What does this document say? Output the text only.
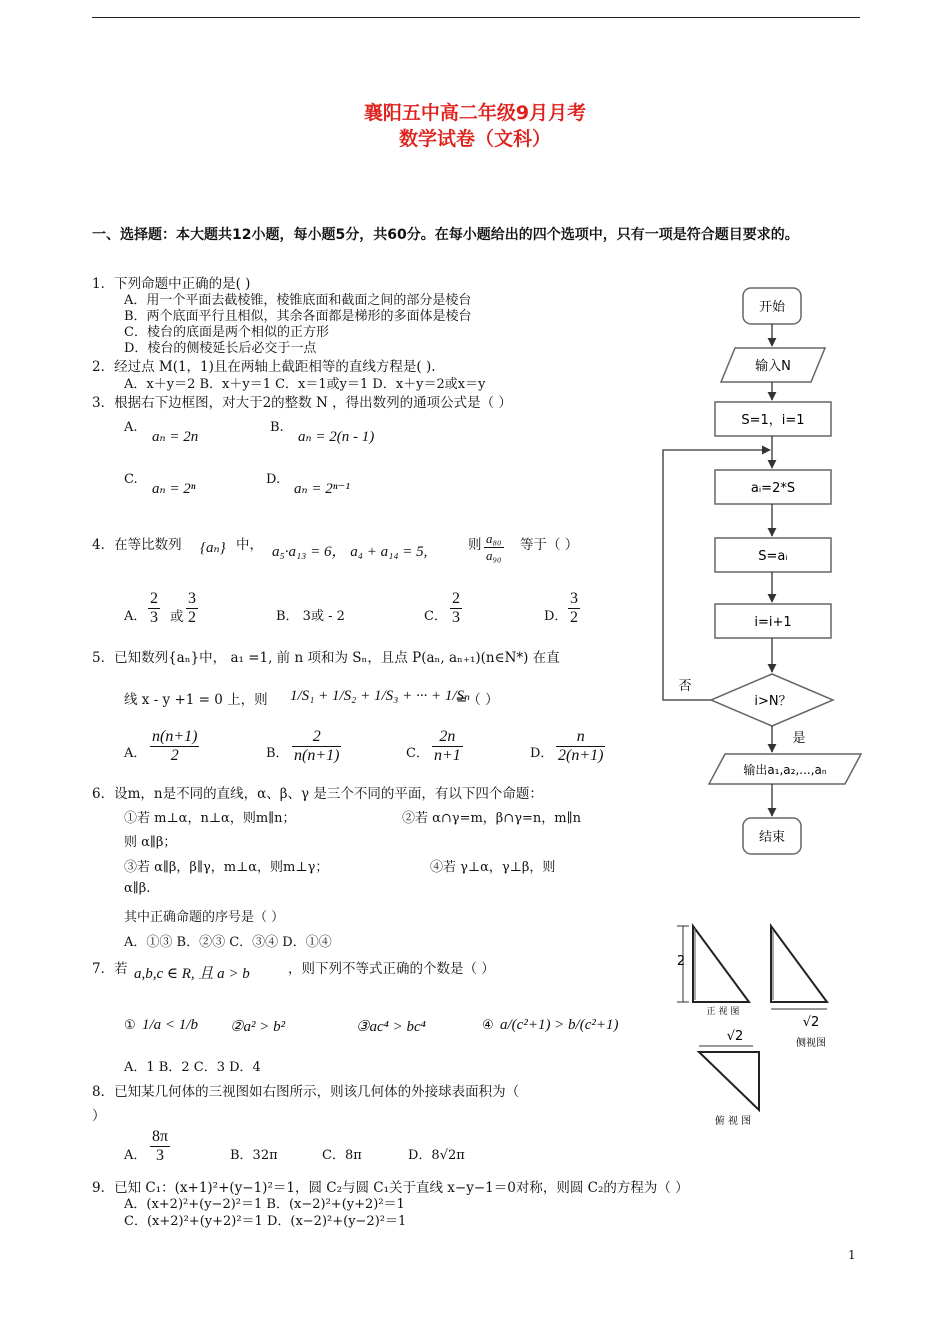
襄阳五中高二年级9月月考
数学试卷（文科）
一、选择题：本大题共12小题，每小题5分，共60分。在每小题给出的四个选项中，只有一项是符合题目要求的。
1．下列命题中正确的是( )
A．用一个平面去截棱锥，棱锥底面和截面之间的部分是棱台
B．两个底面平行且相似，其余各面都是梯形的多面体是棱台
C．棱台的底面是两个相似的正方形
D．棱台的侧棱延长后必交于一点
2．经过点 M(1，1)且在两轴上截距相等的直线方程是( ).
A．x＋y＝2 B．x＋y＝1 C．x＝1或y＝1 D．x＋y＝2或x＝y
3．根据右下边框图，对大于2的整数 N ，得出数列的通项公式是（ ）
A.
aₙ = 2n
B.
aₙ = 2(n - 1)
C.
aₙ = 2ⁿ
D.
aₙ = 2ⁿ⁻¹
4．在等比数列 {aₙ} 中， a₅·a₁₃ = 6， a₄ + a₁₄ = 5,	则 $\frac{\text{a₈₀}}{\text{a₉₀}}$ 等于（ ）
A． $\frac{2}{3}$ 或 $\frac{3}{2}$	B． 3或 - 2	C． $\frac{2}{3}$	D． $\frac{3}{2}$
5．已知数列{aₙ}中， a₁ =1, 前 n 项和为 Sₙ，且点 P(aₙ, aₙ₊₁)(n∈N*) 在直
线 x - y +1 = 0 上，则 1/S₁ + 1/S₂ + 1/S₃ + ··· + 1/Sₙ
=（ ）
A． $\frac{n(n+1)}{2}$	B． $\frac{2}{n(n+1)}$	C． $\frac{2n}{n+1}$	D． $\frac{n}{2(n+1)}$
6．设m，n是不同的直线，α、β、γ 是三个不同的平面，有以下四个命题：
①若 m⊥α，n⊥α，则m∥n；	②若 α∩γ=m，β∩γ=n，m∥n
则 α∥β；
③若 α∥β，β∥γ，m⊥α，则m⊥γ；	④若 γ⊥α，γ⊥β，则
α∥β.
其中正确命题的序号是（ ）
A．①③ B．②③ C．③④ D．①④
7．若 a,b,c ∈ R, 且 a > b	，则下列不等式正确的个数是（ ）
① 1/a < 1/b ②a² > b²	③ac⁴ > bc⁴	④ a/(c²+1) > b/(c²+1)
A．1 B．2 C．3 D．4
8．已知某几何体的三视图如右图所示，则该几何体的外接球表面积为（
）
A． $\frac{8\pi}{3}$	B．32π	C．8π	D．8√2π
9．已知 C₁：(x+1)²+(y−1)²＝1，圆 C₂与圆 C₁关于直线 x−y−1＝0对称，则圆 C₂的方程为（ ）
A．(x+2)²+(y−2)²＝1 B．(x−2)²+(y+2)²＝1
C．(x+2)²+(y+2)²＝1 D．(x−2)²+(y−2)²＝1
开始
输入N
S=1，i=1
aᵢ=2*S
S=aᵢ
i=i+1
i>N？
否
是
输出a₁,a₂,...,aₙ
结束
2
正 视 图
√2
侧视图
√2
俯 视 图
1
